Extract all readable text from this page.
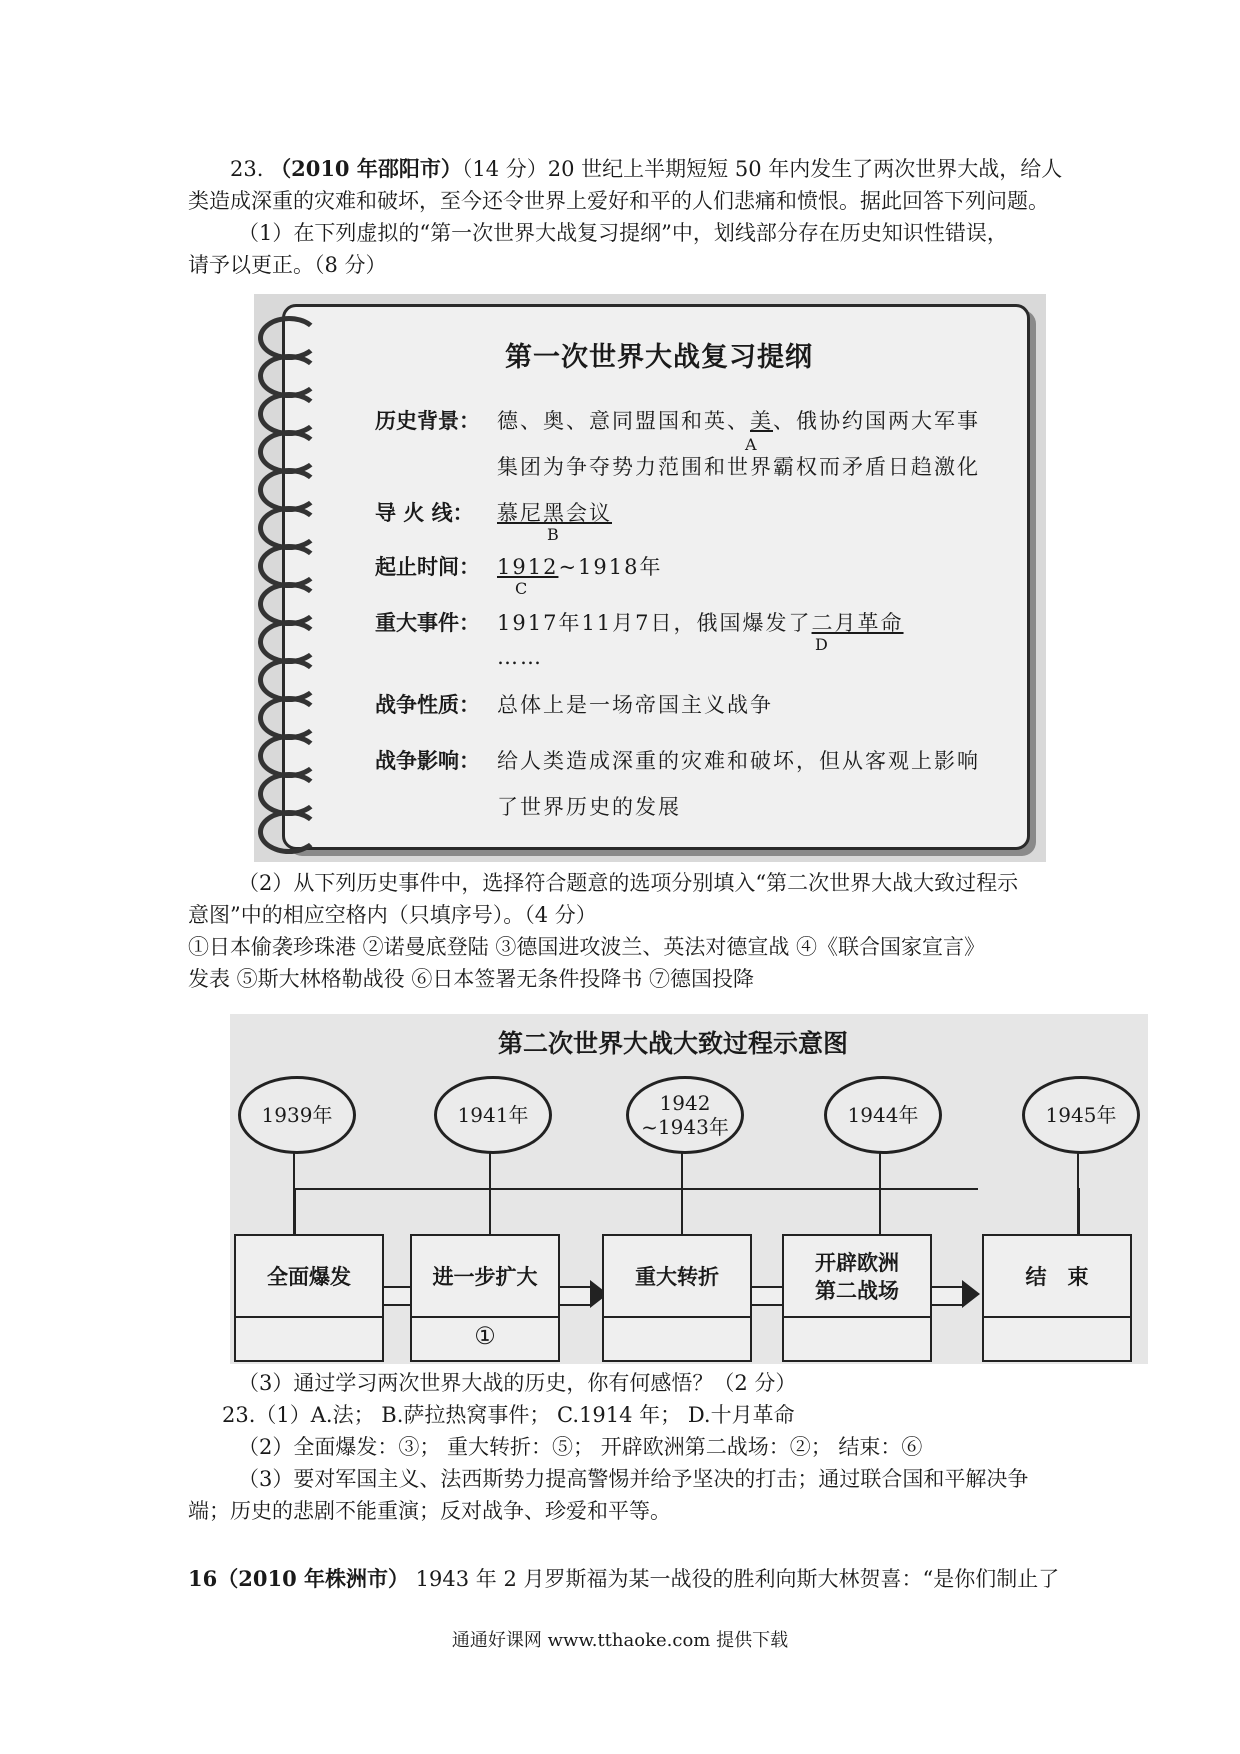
23. （2010 年邵阳市）（14 分）20 世纪上半期短短 50 年内发生了两次世界大战，给人
类造成深重的灾难和破坏，至今还令世界上爱好和平的人们悲痛和愤恨。据此回答下列问题。
（1）在下列虚拟的“第一次世界大战复习提纲”中，划线部分存在历史知识性错误，
请予以更正。（8 分）
第一次世界大战复习提纲
历史背景： 德、奥、意同盟国和英、美、俄协约国两大军事
A
集团为争夺势力范围和世界霸权而矛盾日趋激化
导 火 线： 慕尼黑会议
B
起止时间： 1912~1918年
C
重大事件： 1917年11月7日，俄国爆发了二月革命
D
……
战争性质： 总体上是一场帝国主义战争
战争影响： 给人类造成深重的灾难和破坏，但从客观上影响
了世界历史的发展
（2）从下列历史事件中，选择符合题意的选项分别填入“第二次世界大战大致过程示
意图”中的相应空格内（只填序号）。（4 分）
①日本偷袭珍珠港 ②诺曼底登陆 ③德国进攻波兰、英法对德宣战 ④《联合国家宣言》
发表 ⑤斯大林格勒战役 ⑥日本签署无条件投降书 ⑦德国投降
第二次世界大战大致过程示意图
1939年
全面爆发
1941年
进一步扩大
①
1942
~1943年
重大转折
1944年
开辟欧洲
第二战场
1945年
结　束
（3）通过学习两次世界大战的历史，你有何感悟？（2 分）
23.（1）A.法； B.萨拉热窝事件； C.1914 年； D.十月革命
（2）全面爆发：③； 重大转折：⑤； 开辟欧洲第二战场：②； 结束：⑥
（3）要对军国主义、法西斯势力提高警惕并给予坚决的打击；通过联合国和平解决争
端；历史的悲剧不能重演；反对战争、珍爱和平等。
16（2010 年株洲市） 1943 年 2 月罗斯福为某一战役的胜利向斯大林贺喜：“是你们制止了
通通好课网 www.tthaoke.com 提供下载
